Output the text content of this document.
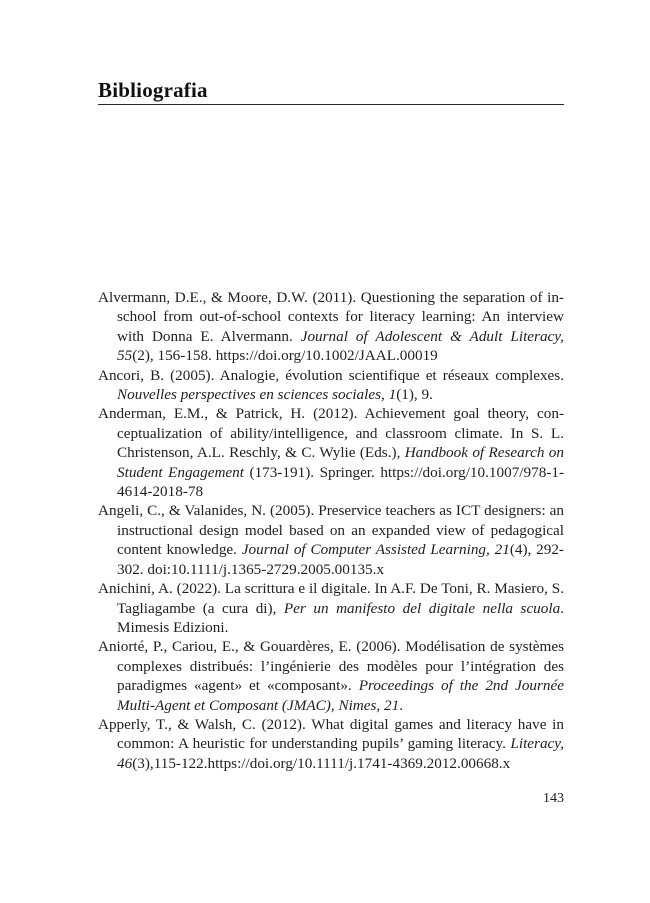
Bibliografia
Alvermann, D.E., & Moore, D.W. (2011). Questioning the separation of in-school from out-of-school contexts for literacy learning: An interview with Donna E. Alvermann. Journal of Adolescent & Adult Literacy, 55(2), 156-158. https://doi.org/10.1002/JAAL.00019
Ancori, B. (2005). Analogie, évolution scientifique et réseaux complexes. Nouvelles perspectives en sciences sociales, 1(1), 9.
Anderman, E.M., & Patrick, H. (2012). Achievement goal theory, conceptualization of ability/intelligence, and classroom climate. In S. L. Christenson, A.L. Reschly, & C. Wylie (Eds.), Handbook of Research on Student Engagement (173-191). Springer. https://doi.org/10.1007/978-1-4614-2018-78
Angeli, C., & Valanides, N. (2005). Preservice teachers as ICT designers: an instructional design model based on an expanded view of pedagogical content knowledge. Journal of Computer Assisted Learning, 21(4), 292-302. doi:10.1111/j.1365-2729.2005.00135.x
Anichini, A. (2022). La scrittura e il digitale. In A.F. De Toni, R. Masiero, S. Tagliagambe (a cura di), Per un manifesto del digitale nella scuola. Mimesis Edizioni.
Aniorté, P., Cariou, E., & Gouardères, E. (2006). Modélisation de systèmes complexes distribués: l’ingénierie des modèles pour l’intégration des paradigmes «agent» et «composant». Proceedings of the 2nd Journée Multi-Agent et Composant (JMAC), Nimes, 21.
Apperly, T., & Walsh, C. (2012). What digital games and literacy have in common: A heuristic for understanding pupils’ gaming literacy. Literacy, 46(3),115-122.https://doi.org/10.1111/j.1741-4369.2012.00668.x
143
